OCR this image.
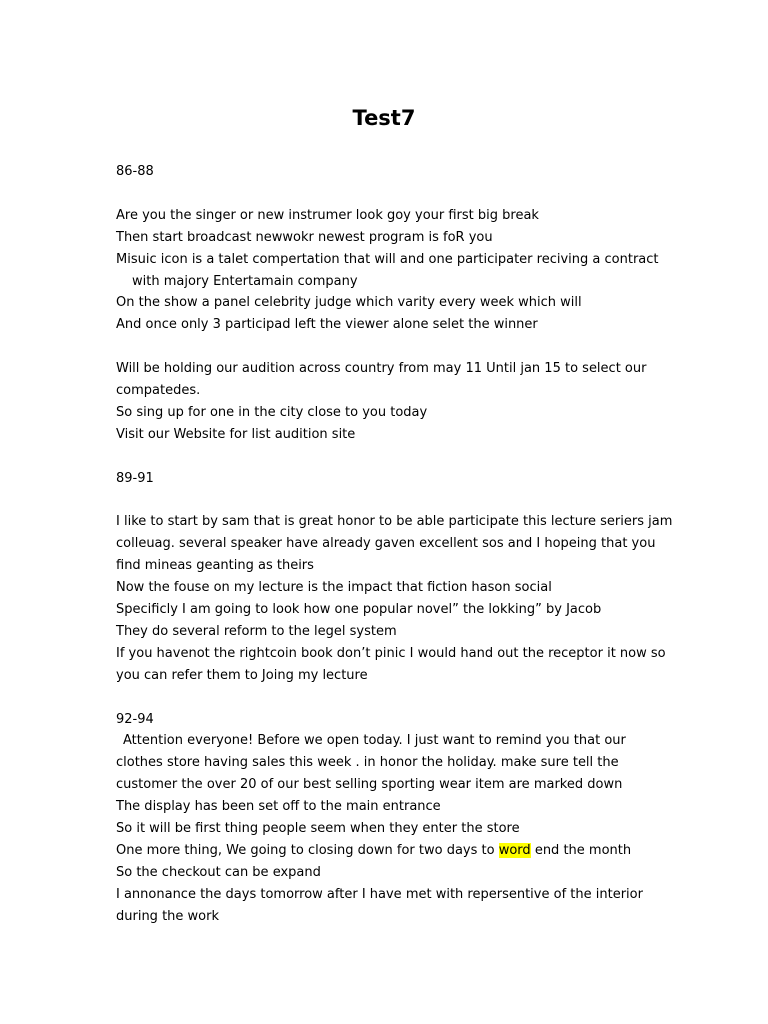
Test7
86-88
Are you the singer or new instrumer look goy your first big break
Then start broadcast newwokr newest program is foR you
Misuic icon is a talet compertation that will and one participater reciving a contract
with majory Entertamain company
On the show a panel celebrity judge which varity every week which will
And once only 3 participad left the viewer alone selet the winner
Will be holding our audition across country from may 11 Until jan 15 to select our
compatedes.
So sing up for one in the city close to you today
Visit our Website for list audition site
89-91
I like to start by sam that is great honor to be able participate this lecture seriers jam
colleuag. several speaker have already gaven excellent sos and I hopeing that you
find mineas geanting as theirs
Now the fouse on my lecture is the impact that fiction hason social
Specificly I am going to look how one popular novel” the lokking” by Jacob
They do several reform to the legel system
If you havenot the rightcoin book don’t pinic I would hand out the receptor it now so
you can refer them to Joing my lecture
92-94
Attention everyone! Before we open today. I just want to remind you that our
clothes store having sales this week . in honor the holiday. make sure tell the
customer the over 20 of our best selling sporting wear item are marked down
The display has been set off to the main entrance
So it will be first thing people seem when they enter the store
One more thing, We going to closing down for two days to word end the month
So the checkout can be expand
I annonance the days tomorrow after I have met with repersentive of the interior
during the work
